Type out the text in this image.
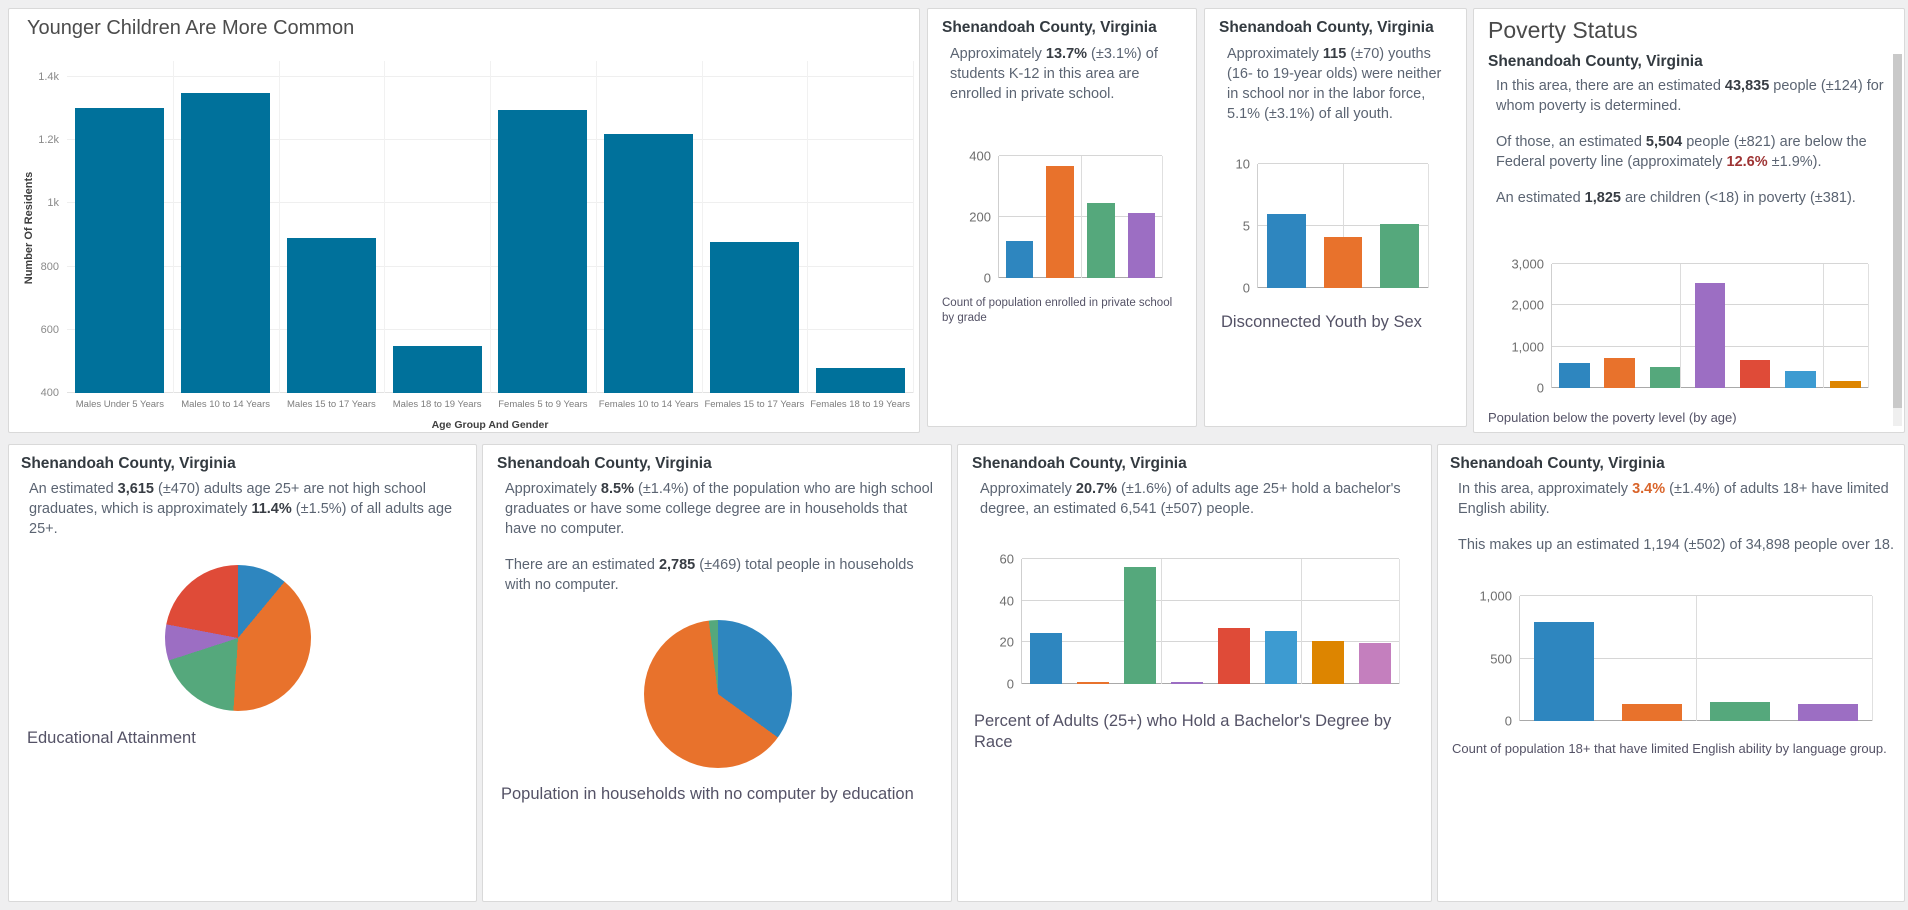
Younger Children Are More Common
Number Of Residents
Age Group And Gender
1.4k
1.2k
1k
800
600
400
Males Under 5 Years Males 10 to 14 Years Males 15 to 17 Years Males 18 to 19 Years Females 5 to 9 Years Females 10 to 14 Years Females 15 to 17 Years Females 18 to 19 Years
Shenandoah County, Virginia
Approximately 13.7% (±3.1%) of students K-12 in this area are enrolled in private school.
400
200
0
Count of population enrolled in private school by grade
Shenandoah County, Virginia
Approximately 115 (±70) youths (16- to 19-year olds) were neither in school nor in the labor force, 5.1% (±3.1%) of all youth.
10
5
0
Disconnected Youth by Sex
Poverty Status
Shenandoah County, Virginia
In this area, there are an estimated 43,835 people (±124) for whom poverty is determined.
Of those, an estimated 5,504 people (±821) are below the Federal poverty line (approximately 12.6% ±1.9%).
An estimated 1,825 are children (<18) in poverty (±381).
3,000
2,000
1,000
0
Population below the poverty level (by age)
Shenandoah County, Virginia
An estimated 3,615 (±470) adults age 25+ are not high school graduates, which is approximately 11.4% (±1.5%) of all adults age 25+.
Educational Attainment
Shenandoah County, Virginia
Approximately 8.5% (±1.4%) of the population who are high school graduates or have some college degree are in households that have no computer.
There are an estimated 2,785 (±469) total people in households with no computer.
Population in households with no computer by education
Shenandoah County, Virginia
Approximately 20.7% (±1.6%) of adults age 25+ hold a bachelor's degree, an estimated 6,541 (±507) people.
60
40
20
0
Percent of Adults (25+) who Hold a Bachelor's Degree by Race
Shenandoah County, Virginia
In this area, approximately 3.4% (±1.4%) of adults 18+ have limited English ability.
This makes up an estimated 1,194 (±502) of 34,898 people over 18.
1,000
500
0
Count of population 18+ that have limited English ability by language group.
